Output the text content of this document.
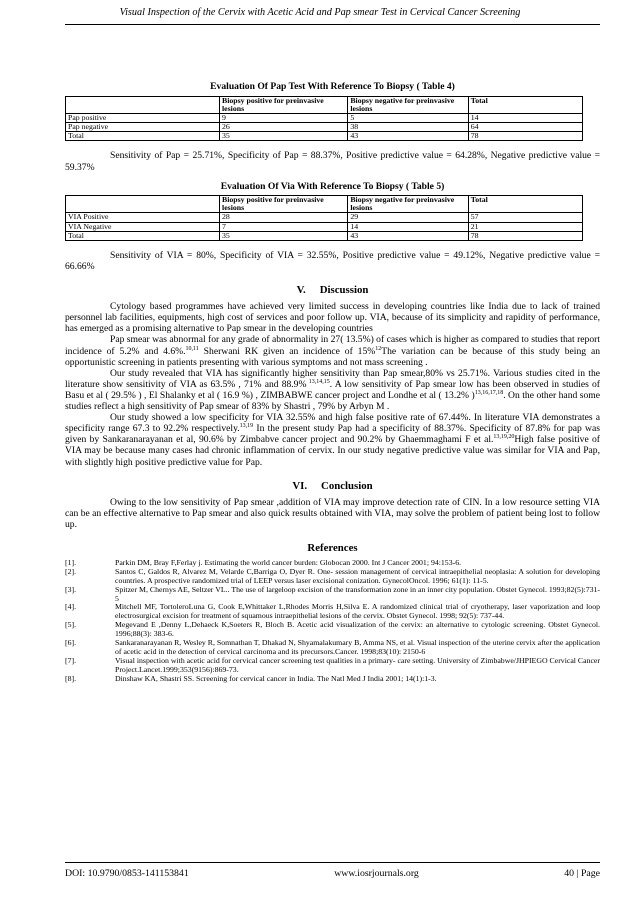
Visual Inspection of the Cervix with Acetic Acid and Pap smear Test in Cervical Cancer Screening
Evaluation Of Pap Test With Reference To Biopsy ( Table 4)
	Biopsy positive for preinvasive lesions	Biopsy negative for preinvasive lesions	Total
Pap positive	9	5	14
Pap negative	26	38	64
Total	35	43	78

Sensitivity of Pap = 25.71%, Specificity of Pap = 88.37%, Positive predictive value = 64.28%, Negative predictive value = 59.37%

Evaluation Of Via With Reference To Biopsy ( Table 5)
	Biopsy positive for preinvasive lesions	Biopsy negative for preinvasive lesions	Total
VIA Positive	28	29	57
VIA Negative	7	14	21
Total	35	43	78

Sensitivity of VIA = 80%, Specificity of VIA = 32.55%, Positive predictive value = 49.12%, Negative predictive value = 66.66%

V. Discussion

Cytology based programmes have achieved very limited success in developing countries like India due to lack of trained personnel lab facilities, equipments, high cost of services and poor follow up. VIA, because of its simplicity and rapidity of performance, has emerged as a promising alternative to Pap smear in the developing countries

Pap smear was abnormal for any grade of abnormality in 27( 13.5%) of cases which is higher as compared to studies that report incidence of 5.2% and 4.6%.$^{10,11}$ Sherwani RK given an incidence of 15%$^{12}$The variation can be because of this study being an opportunistic screening in patients presenting with various symptoms and not mass screening .

Our study revealed that VIA has significantly higher sensitivity than Pap smear,80% vs 25.71%. Various studies cited in the literature show sensitivity of VIA as 63.5% , 71% and 88.9% $^{13,14,15}$. A low sensitivity of Pap smear low has been observed in studies of Basu et al ( 29.5% ) , El Shalanky et al ( 16.9 %) , ZIMBABWE cancer project and Londhe et al ( 13.2% )$^{13,16,17,18}$. On the other hand some studies reflect a high sensitivity of Pap smear of 83% by Shastri , 79% by Arbyn M .

Our study showed a low specificity for VIA 32.55% and high false positive rate of 67.44%. In literature VIA demonstrates a specificity range 67.3 to 92.2% respectively.$^{13,19}$ In the present study Pap had a specificity of 88.37%. Specificity of 87.8% for pap was given by Sankaranarayanan et al, 90.6% by Zimbabve cancer project and 90.2% by Ghaemmaghami F et al.$^{13,19,20}$High false positive of VIA may be because many cases had chronic inflammation of cervix. In our study negative predictive value was similar for VIA and Pap, with slightly high positive predictive value for Pap.

VI. Conclusion

Owing to the low sensitivity of Pap smear ,addition of VIA may improve detection rate of CIN. In a low resource setting VIA can be an effective alternative to Pap smear and also quick results obtained with VIA, may solve the problem of patient being lost to follow up.

References
[1].	Parkin DM, Bray F,Ferlay j. Estimating the world cancer burden: Globocan 2000. Int J Cancer 2001; 94:153-6.
[2].	Santos C, Galdos R, Alvarez M, Velarde C,Barriga O, Dyer R. One- session management of cervical intraepithelial neoplasia: A solution for developing countries. A prospective randomized trial of LEEP versus laser excisional conization. GynecolOncol. 1996; 61(1): 11-5.
[3].	Spitzer M, Chernys AE, Seltzer VL.. The use of largeloop excision of the transformation zone in an inner city population. Obstet Gynecol. 1993;82(5):731-5
[4].	Mitchell MF, TortoleroLuna G, Cook E,Whittaker L,Rhodes Morris H,Silva E. A randomized clinical trial of cryotherapy, laser vaporization and loop electrosurgical excision for treatment of squamous intraepithelial lesions of the cervix. Obstet Gynecol. 1998; 92(5): 737-44.
[5].	Megevand E ,Denny L,Dehaeck K,Soeters R, Bloch B. Acetic acid visualization of the cervix: an alternative to cytologic screening. Obstet Gynecol. 1996;88(3): 383-6.
[6].	Sankaranarayanan R, Wesley R, Somnathan T, Dhakad N, Shyamalakumary B, Amma NS, et al. Visual inspection of the uterine cervix after the application of acetic acid in the detection of cervical carcinoma and its precursors.Cancer. 1998;83(10): 2150-6
[7].	Visual inspection with acetic acid for cervical cancer screening test qualities in a primary- care setting. University of Zimbabwe/JHPIEGO Cervical Cancer Project.Lancet.1999;353(9156):869-73.
[8].	Dinshaw KA, Shastri SS. Screening for cervical cancer in India. The Natl Med J India 2001; 14(1):1-3.
DOI: 10.9790/0853-141153841	www.iosrjournals.org	40 | Page
